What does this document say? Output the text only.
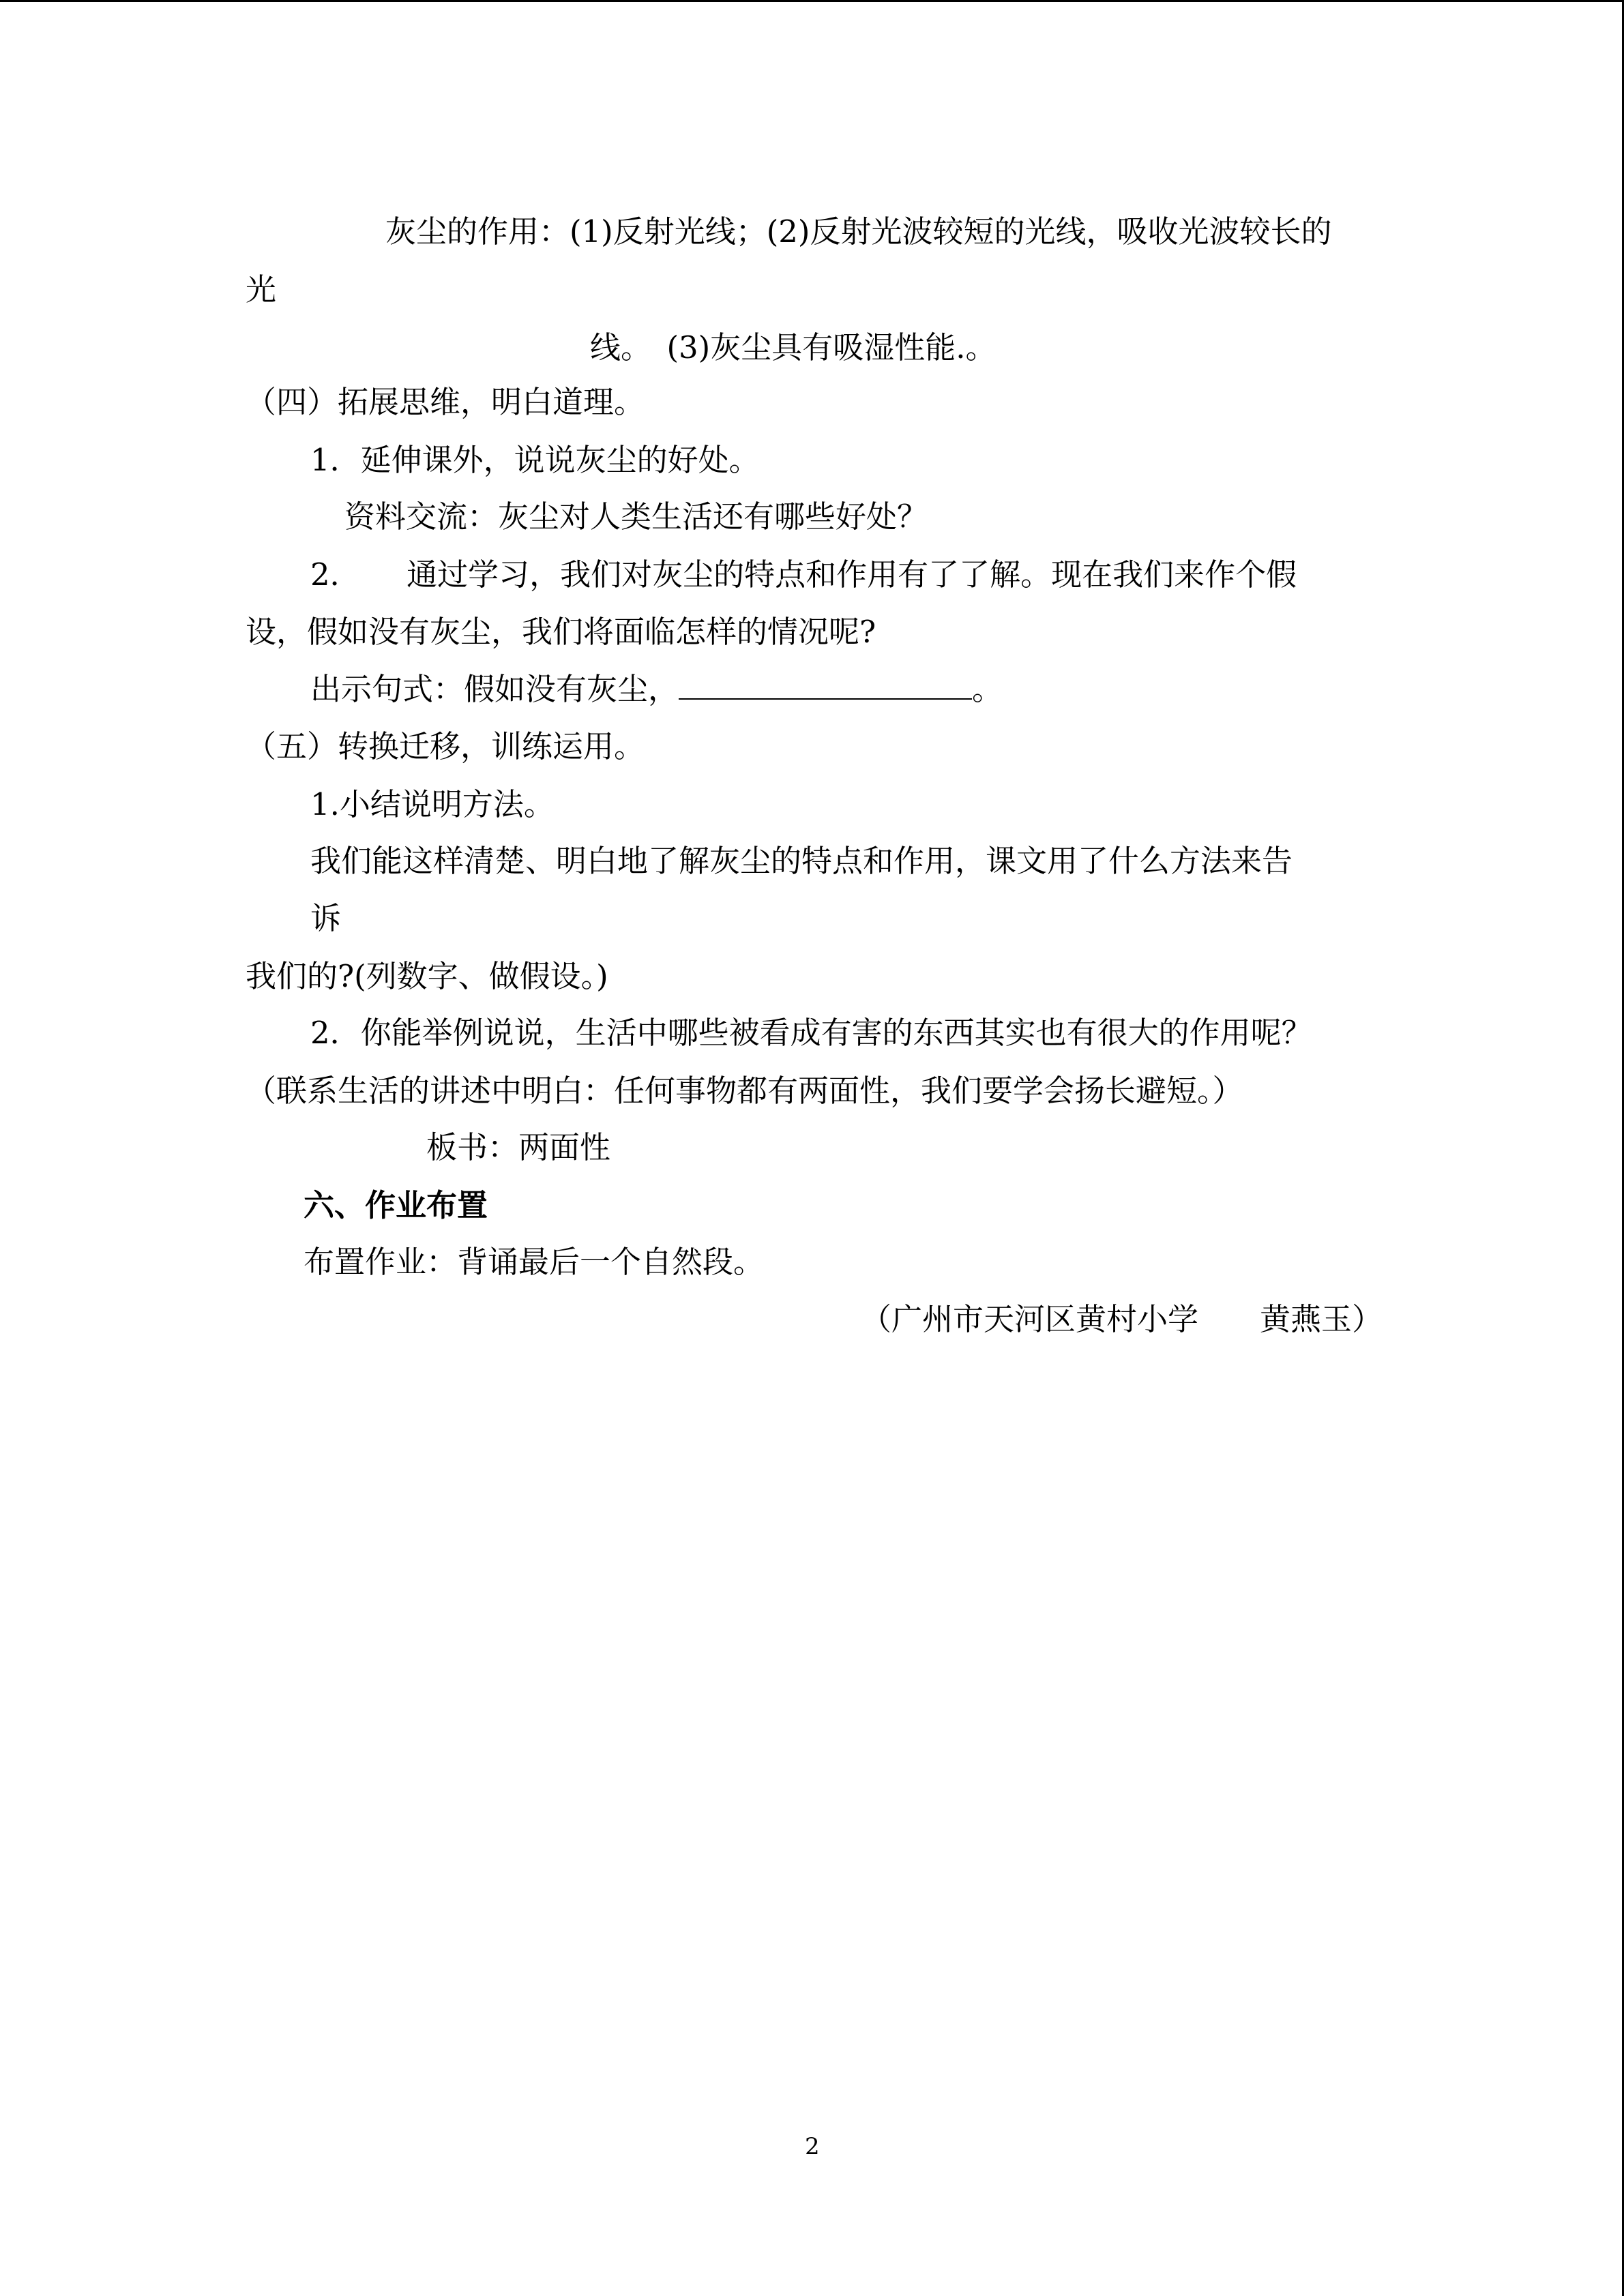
灰尘的作用：(1)反射光线；(2)反射光波较短的光线，吸收光波较长的
光
线。　(3)灰尘具有吸湿性能.。
（四）拓展思维，明白道理。
1．延伸课外，说说灰尘的好处。
资料交流：灰尘对人类生活还有哪些好处？
2．　　通过学习，我们对灰尘的特点和作用有了了解。现在我们来作个假
设，假如没有灰尘，我们将面临怎样的情况呢?
出示句式：假如没有灰尘，	。
（五）转换迁移，训练运用。
1.小结说明方法。
我们能这样清楚、明白地了解灰尘的特点和作用，课文用了什么方法来告
诉
我们的?(列数字、做假设。)
2．你能举例说说，生活中哪些被看成有害的东西其实也有很大的作用呢？
（联系生活的讲述中明白：任何事物都有两面性，我们要学会扬长避短。）
板书：两面性
六、作业布置
布置作业：背诵最后一个自然段。
（广州市天河区黄村小学　　黄燕玉）
2
